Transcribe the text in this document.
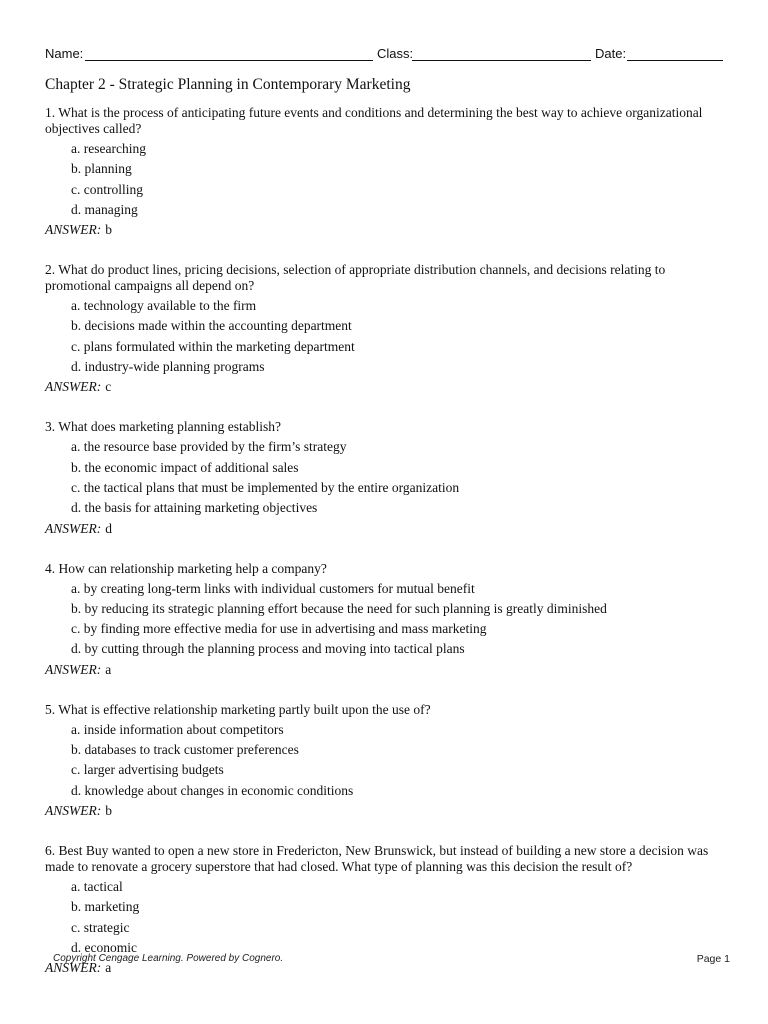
Name:	Class:	Date:
Chapter 2 - Strategic Planning in Contemporary Marketing
1. What is the process of anticipating future events and conditions and determining the best way to achieve organizational objectives called?
a. researching
b. planning
c. controlling
d. managing
ANSWER: b
2. What do product lines, pricing decisions, selection of appropriate distribution channels, and decisions relating to promotional campaigns all depend on?
a. technology available to the firm
b. decisions made within the accounting department
c. plans formulated within the marketing department
d. industry-wide planning programs
ANSWER: c
3. What does marketing planning establish?
a. the resource base provided by the firm’s strategy
b. the economic impact of additional sales
c. the tactical plans that must be implemented by the entire organization
d. the basis for attaining marketing objectives
ANSWER: d
4. How can relationship marketing help a company?
a. by creating long-term links with individual customers for mutual benefit
b. by reducing its strategic planning effort because the need for such planning is greatly diminished
c. by finding more effective media for use in advertising and mass marketing
d. by cutting through the planning process and moving into tactical plans
ANSWER: a
5. What is effective relationship marketing partly built upon the use of?
a. inside information about competitors
b. databases to track customer preferences
c. larger advertising budgets
d. knowledge about changes in economic conditions
ANSWER: b
6. Best Buy wanted to open a new store in Fredericton, New Brunswick, but instead of building a new store a decision was made to renovate a grocery superstore that had closed. What type of planning was this decision the result of?
a. tactical
b. marketing
c. strategic
d. economic
ANSWER: a
Copyright Cengage Learning. Powered by Cognero.	Page 1
